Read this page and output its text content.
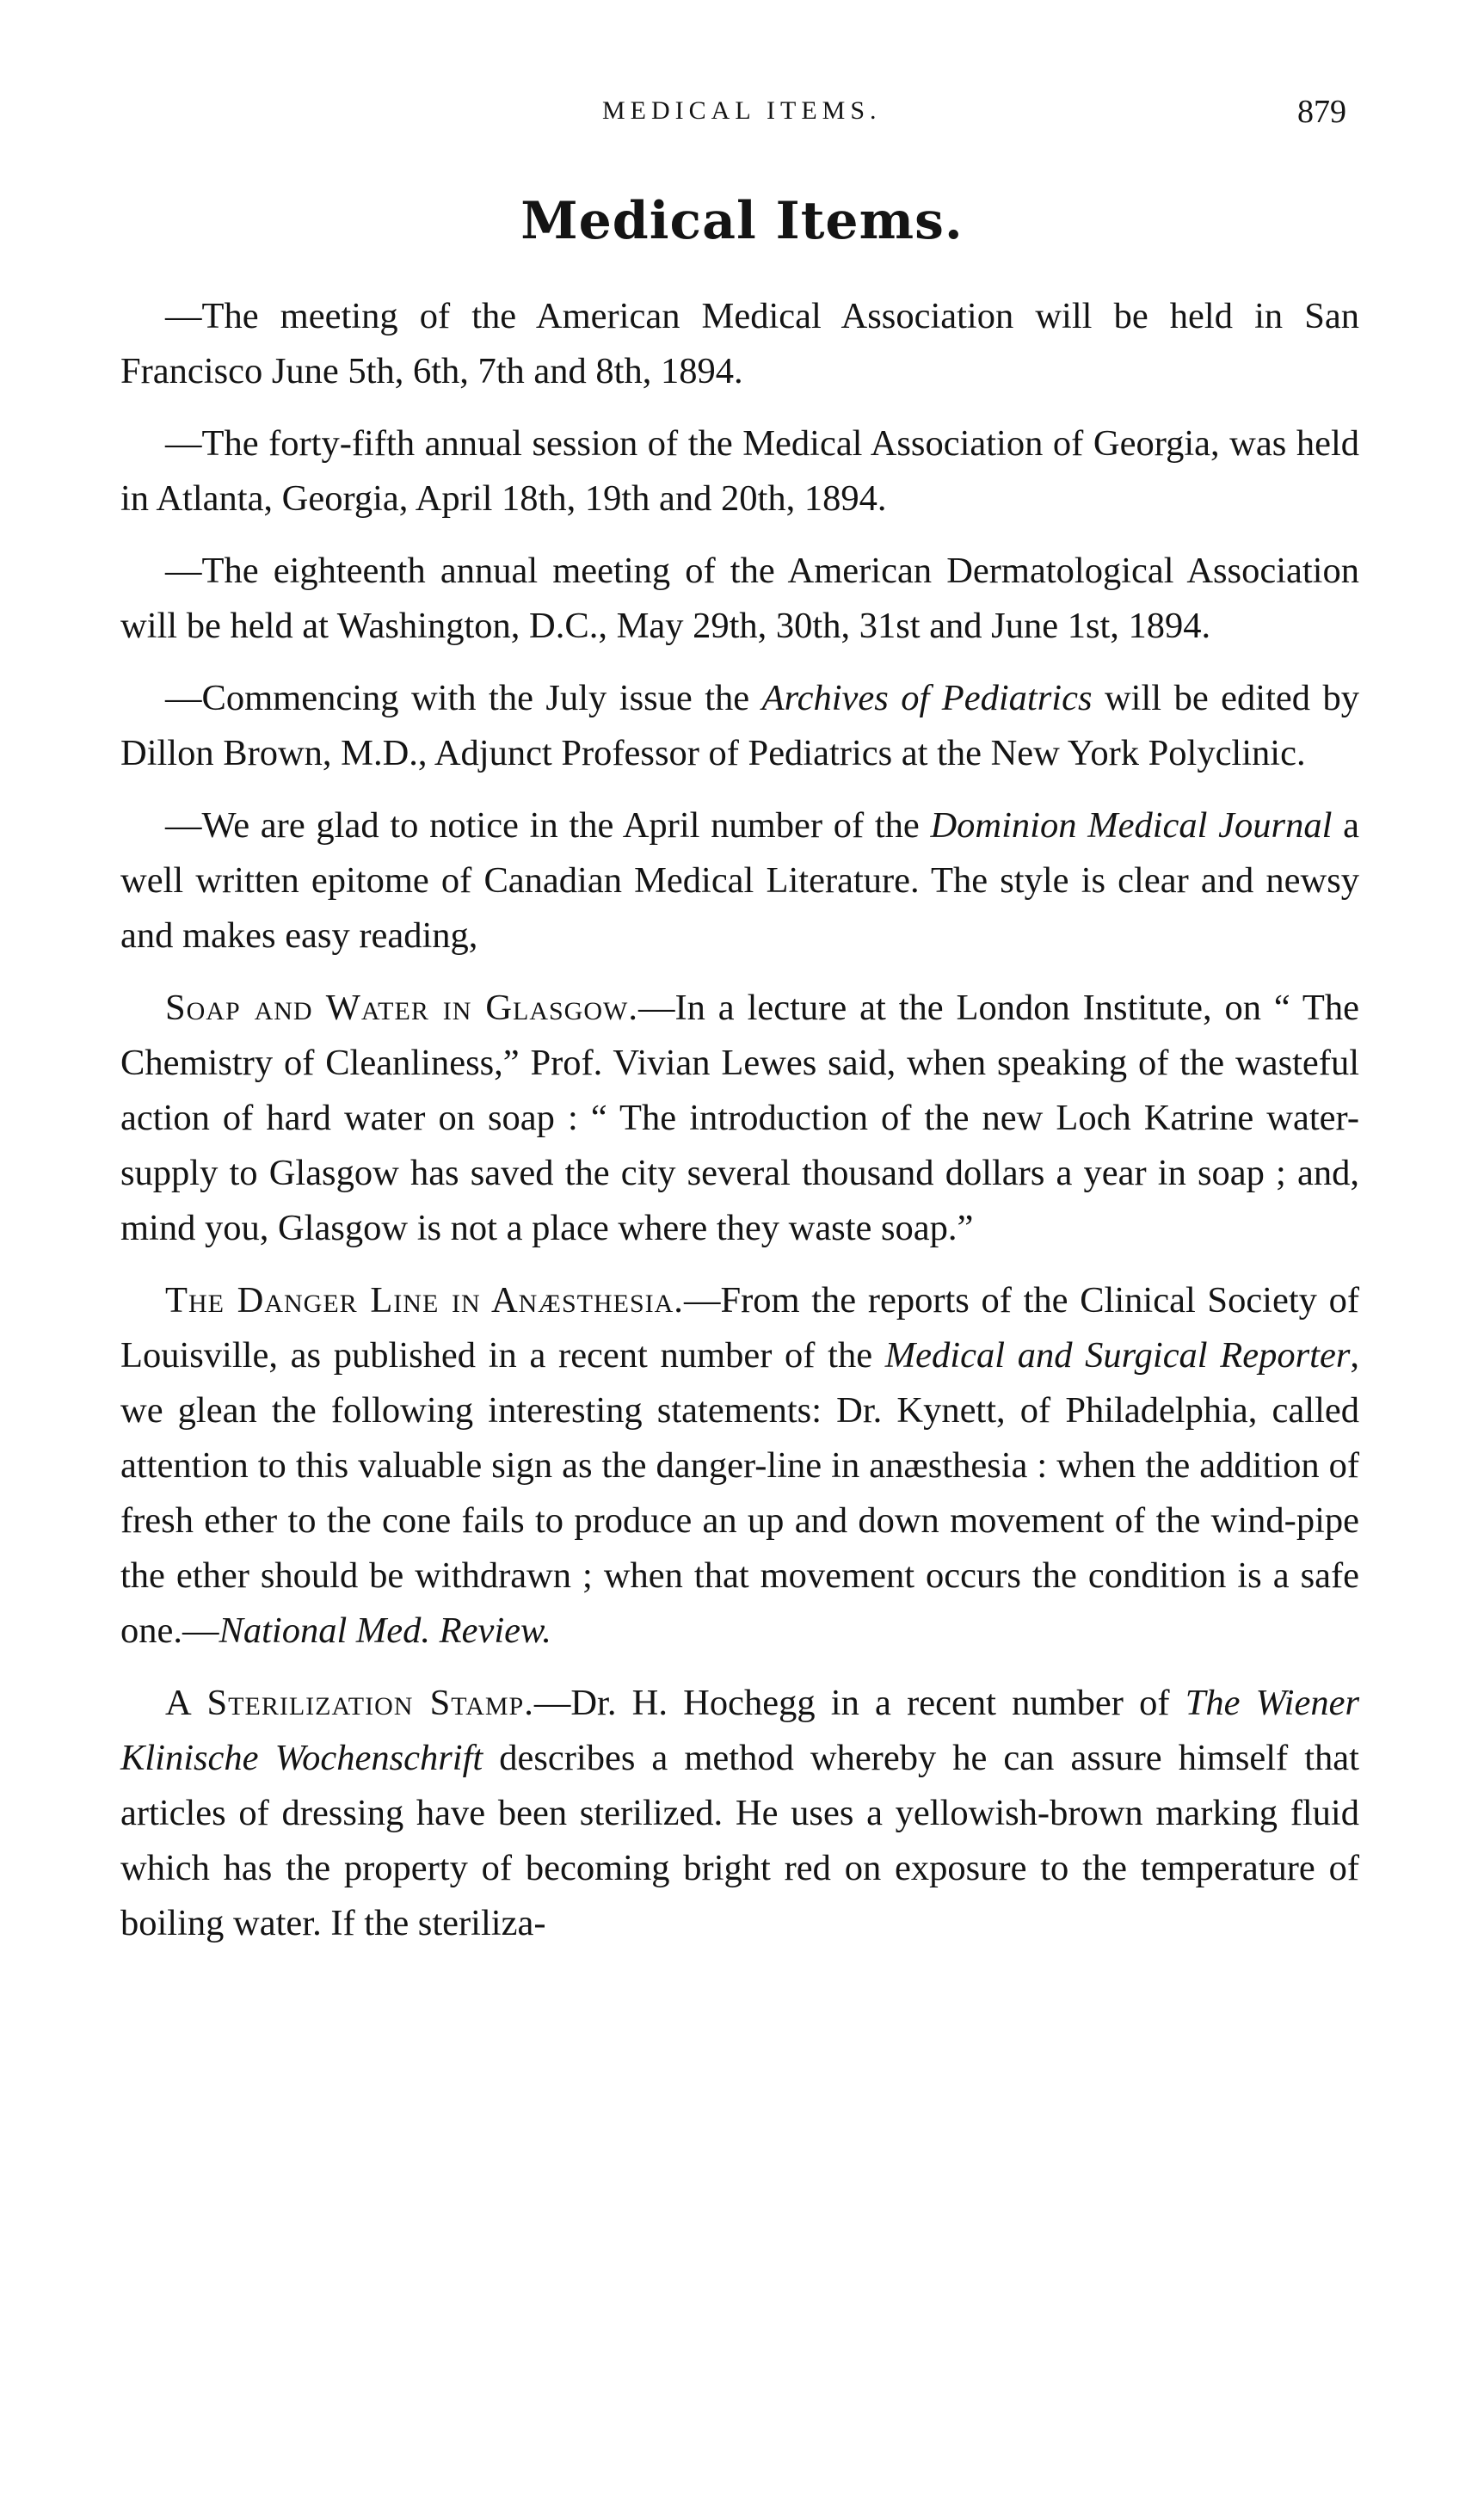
MEDICAL ITEMS.	879
Medical Items.

—The meeting of the American Medical Association will be held in San Francisco June 5th, 6th, 7th and 8th, 1894.

—The forty-fifth annual session of the Medical Association of Georgia, was held in Atlanta, Georgia, April 18th, 19th and 20th, 1894.

—The eighteenth annual meeting of the American Dermatological Association will be held at Washington, D.C., May 29th, 30th, 31st and June 1st, 1894.

—Commencing with the July issue the Archives of Pediatrics will be edited by Dillon Brown, M.D., Adjunct Professor of Pediatrics at the New York Polyclinic.

—We are glad to notice in the April number of the Dominion Medical Journal a well written epitome of Canadian Medical Literature. The style is clear and newsy and makes easy reading,

Soap and Water in Glasgow.—In a lecture at the London Institute, on “ The Chemistry of Cleanliness,” Prof. Vivian Lewes said, when speaking of the wasteful action of hard water on soap : “ The introduction of the new Loch Katrine water-supply to Glasgow has saved the city several thousand dollars a year in soap ; and, mind you, Glasgow is not a place where they waste soap.”

The Danger Line in Anæsthesia.—From the reports of the Clinical Society of Louisville, as published in a recent number of the Medical and Surgical Reporter, we glean the following interesting statements: Dr. Kynett, of Philadelphia, called attention to this valuable sign as the danger-line in anæsthesia : when the addition of fresh ether to the cone fails to produce an up and down movement of the wind-pipe the ether should be withdrawn ; when that movement occurs the condition is a safe one.—National Med. Review.

A Sterilization Stamp.—Dr. H. Hochegg in a recent number of The Wiener Klinische Wochenschrift describes a method whereby he can assure himself that articles of dressing have been sterilized. He uses a yellowish-brown marking fluid which has the property of becoming bright red on exposure to the temperature of boiling water. If the steriliza-
